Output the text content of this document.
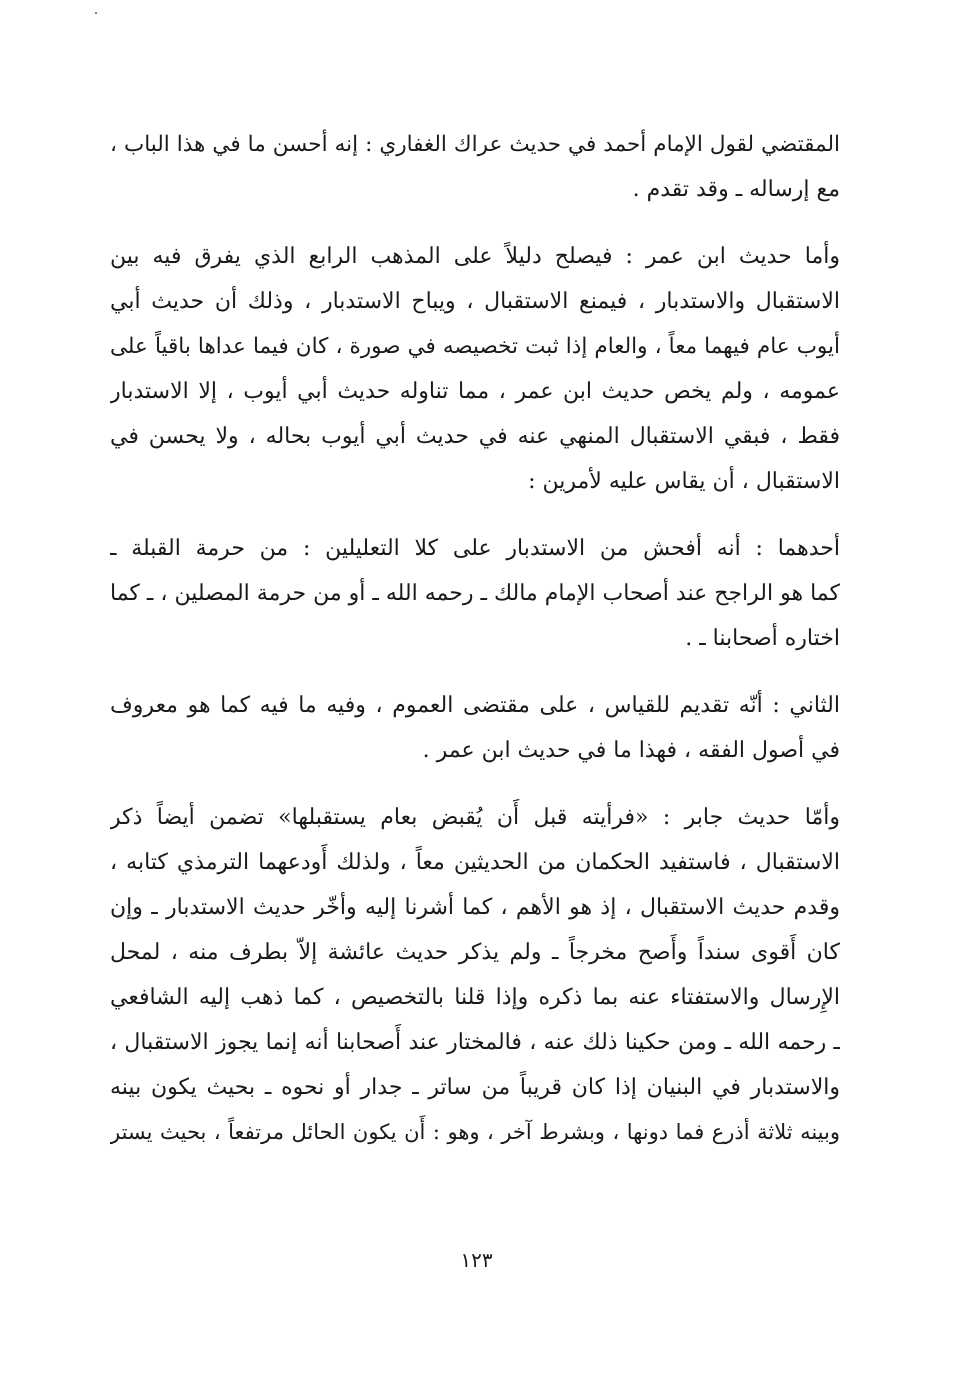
المقتضي لقول الإمام أحمد في حديث عراك الغفاري : إنه أحسن ما في هذا الباب ،
مع إرساله ـ وقد تقدم .
وأما حديث ابن عمر : فيصلح دليلاً على المذهب الرابع الذي يفرق فيه بين
الاستقبال والاستدبار ، فيمنع الاستقبال ، ويباح الاستدبار ، وذلك أن حديث أبي
أيوب عام فيهما معاً ، والعام إذا ثبت تخصيصه في صورة ، كان فيما عداها باقياً على
عمومه ، ولم يخص حديث ابن عمر ، مما تناوله حديث أبي أيوب ، إلا الاستدبار
فقط ، فبقي الاستقبال المنهي عنه في حديث أبي أيوب بحاله ، ولا يحسن في
الاستقبال ، أن يقاس عليه لأمرين :
أحدهما : أنه أفحش من الاستدبار على كلا التعليلين : من حرمة القبلة ـ
كما هو الراجح عند أصحاب الإمام مالك ـ رحمه الله ـ أو من حرمة المصلين ، ـ كما
اختاره أصحابنا ـ .
الثاني : أنّه تقديم للقياس ، على مقتضى العموم ، وفيه ما فيه كما هو معروف
في أصول الفقه ، فهذا ما في حديث ابن عمر .
وأمّا حديث جابر : «فرأيته قبل أَن يُقبض بعام يستقبلها» تضمن أيضاً ذكر
الاستقبال ، فاستفيد الحكمان من الحديثين معاً ، ولذلك أَودعهما الترمذي كتابه ،
وقدم حديث الاستقبال ، إذ هو الأهم ، كما أشرنا إليه وأخّر حديث الاستدبار ـ وإن
كان أَقوى سنداً وأَصح مخرجاً ـ ولم يذكر حديث عائشة إلاّ بطرف منه ، لمحل
الإِرسال والاستفتاء عنه بما ذكره وإذا قلنا بالتخصيص ، كما ذهب إليه الشافعي
ـ رحمه الله ـ ومن حكينا ذلك عنه ، فالمختار عند أَصحابنا أنه إنما يجوز الاستقبال ،
والاستدبار في البنيان إذا كان قريباً من ساتر ـ جدار أو نحوه ـ بحيث يكون بينه
وبينه ثلاثة أذرع فما دونها ، وبشرط آخر ، وهو : أَن يكون الحائل مرتفعاً ، بحيث يستر
١٢٣
